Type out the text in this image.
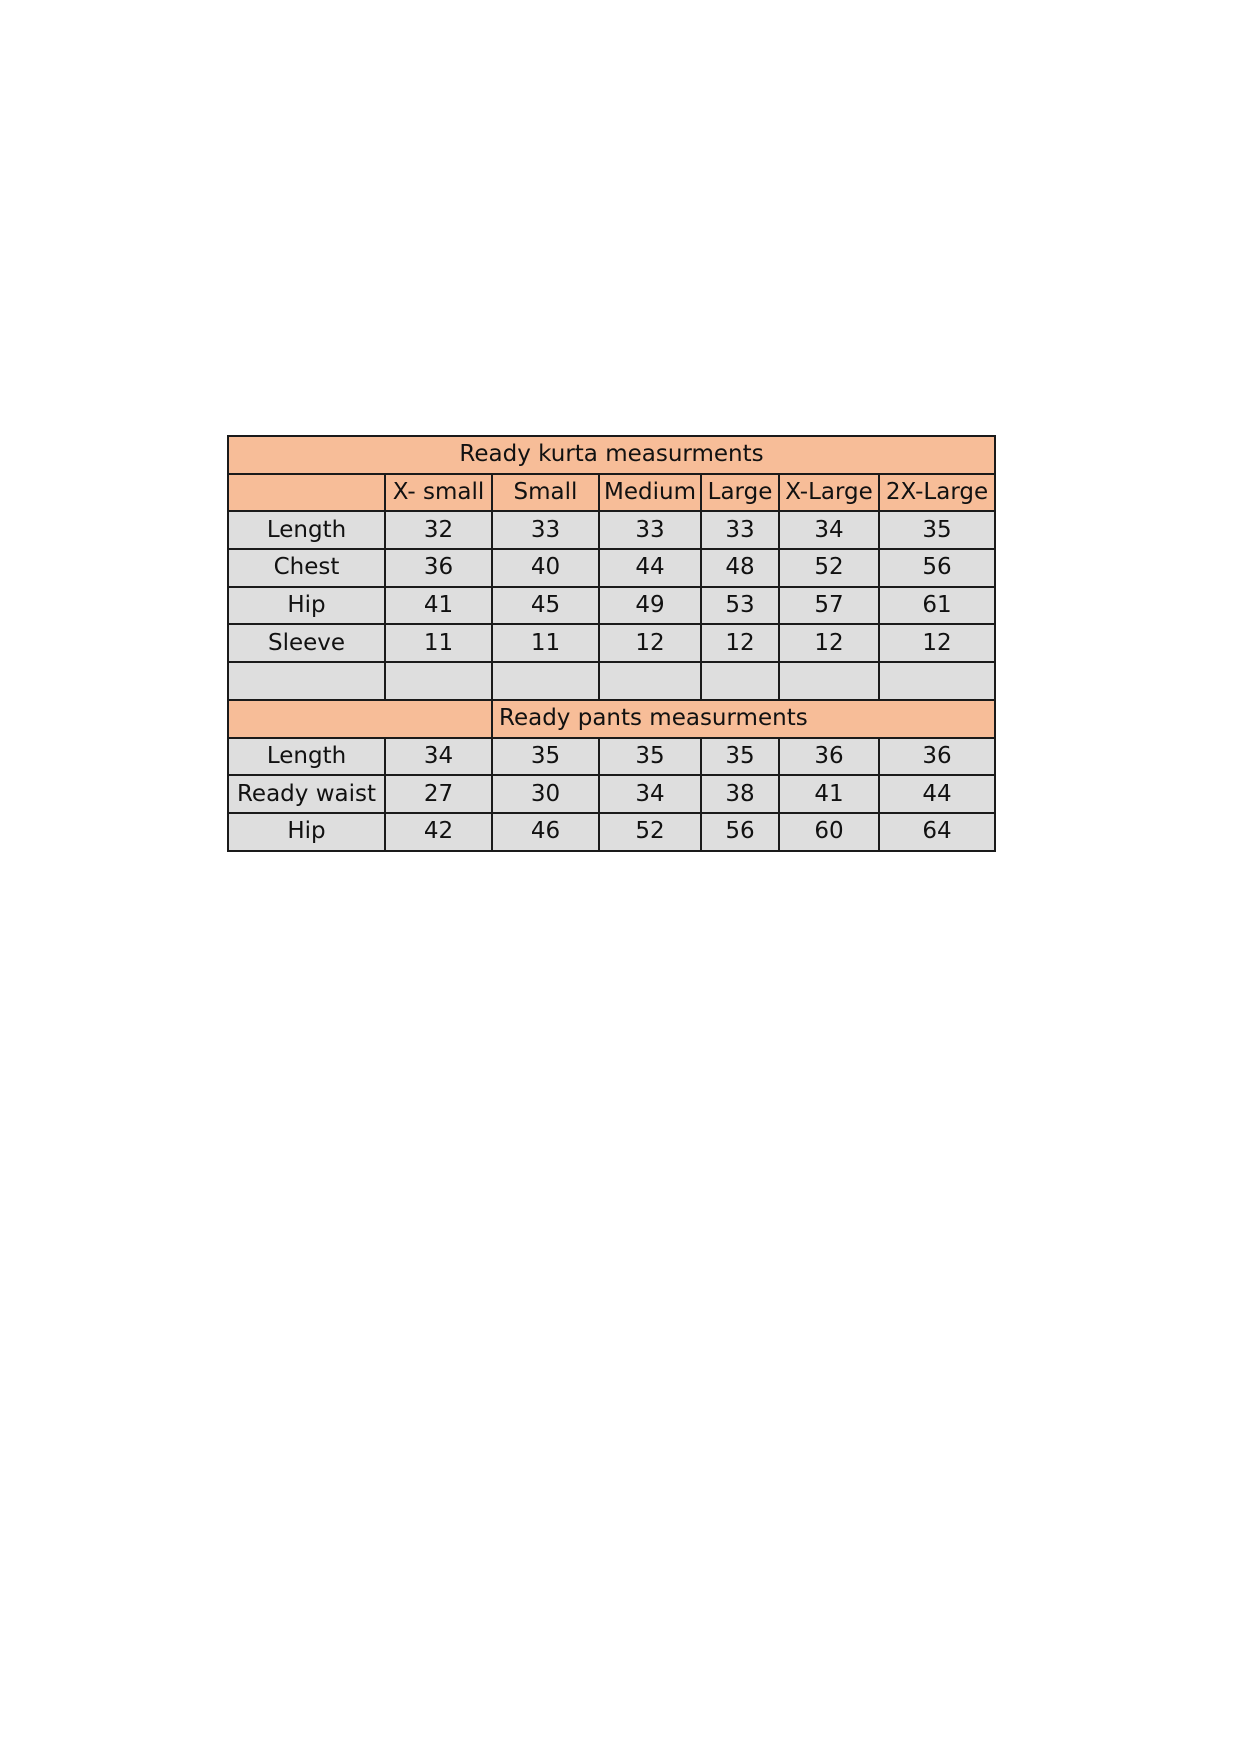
Ready kurta measurments						
	X- small	Small	Medium	Large	X-Large	2X-Large
Length	32	33	33	33	34	35
Chest	36	40	44	48	52	56
Hip	41	45	49	53	57	61
Sleeve	11	11	12	12	12	12

		Ready pants measurments				
Length	34	35	35	35	36	36
Ready waist	27	30	34	38	41	44
Hip	42	46	52	56	60	64
